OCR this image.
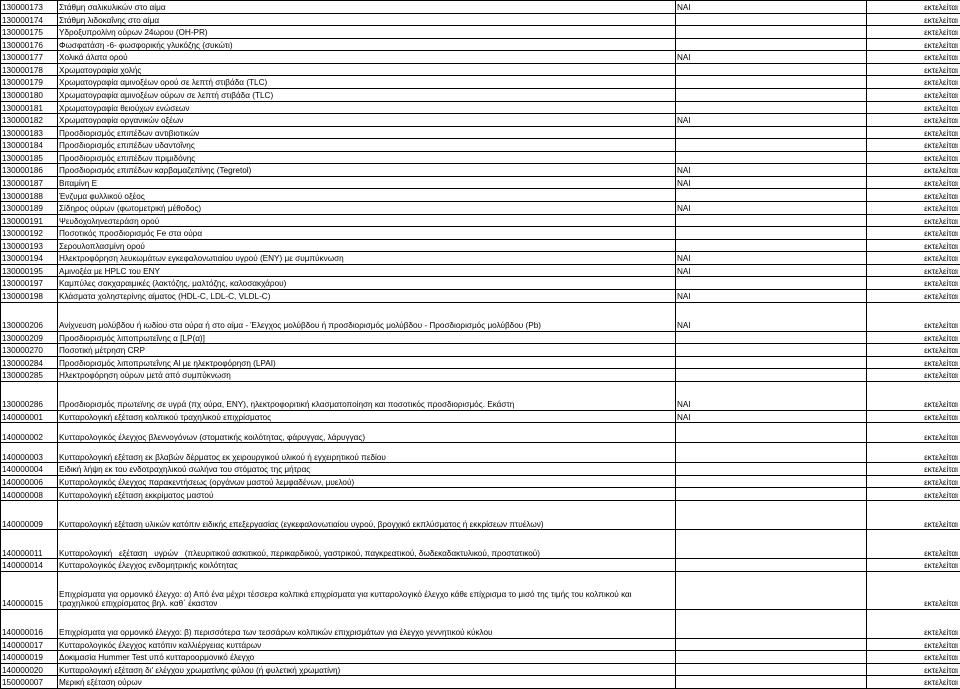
130000173	Στάθμη σαλικυλικών στο αίμα	ΝΑΙ	εκτελείται
130000174	Στάθμη λιδοκαΐνης στο αίμα		εκτελείται
130000175	Υδροξυπρολίνη ούρων 24ωρου (OH-PR)		εκτελείται
130000176	Φωσφατάση -6- φωσφορικής γλυκόζης (συκώτι)		εκτελείται
130000177	Χολικά άλατα ορού	ΝΑΙ	εκτελείται
130000178	Χρωματογραφία χολής		εκτελείται
130000179	Χρωματογραφία αμινοξέων ορού σε λεπτή στιβάδα (TLC)		εκτελείται
130000180	Χρωματογραφία αμινοξέων ούρων σε λεπτή στιβάδα (TLC)		εκτελείται
130000181	Χρωματογραφία θειούχων ενώσεων		εκτελείται
130000182	Χρωματογραφία οργανικών οξέων	ΝΑΙ	εκτελείται
130000183	Προσδιορισμός επιπέδων αντιβιοτικών		εκτελείται
130000184	Προσδιορισμός επιπέδων υδαντοΐνης		εκτελείται
130000185	Προσδιορισμός επιπέδων πριμιδόνης		εκτελείται
130000186	Προσδιορισμός επιπέδων καρβαμαζεπίνης (Tegretol)	ΝΑΙ	εκτελείται
130000187	Βιταμίνη Ε	ΝΑΙ	εκτελείται
130000188	Ένζυμα φυλλικού οξέος		εκτελείται
130000189	Σίδηρος ούρων (φωτομετρική μέθοδος)	ΝΑΙ	εκτελείται
130000191	Ψευδοχοληνεστεράση ορού		εκτελείται
130000192	Ποσοτικός προσδιορισμός Fe στα ούρα		εκτελείται
130000193	Σερουλοπλασμίνη ορού		εκτελείται
130000194	Ηλεκτροφόρηση λευκωμάτων εγκεφαλονωτιαίου υγρού (ΕΝΥ) με συμπύκνωση	ΝΑΙ	εκτελείται
130000195	Αμινοξέα με HPLC του ΕΝΥ	ΝΑΙ	εκτελείται
130000197	Καμπύλες σακχαραιμικές (λακτόζης, μαλτόζης, καλοσακχάρου)		εκτελείται
130000198	Κλάσματα χοληστερίνης αίματος (HDL-C, LDL-C, VLDL-C)	ΝΑΙ	εκτελείται
130000206	Ανίχνευση μολύβδου ή ιωδίου στα ούρα ή στο αίμα - Έλεγχος μολύβδου ή προσδιορισμός μολύβδου - Προσδιορισμός μολύβδου (Pb)	ΝΑΙ	εκτελείται
130000209	Προσδιορισμός λιποπρωτεΐνης α [LP(α)]		εκτελείται
130000270	Ποσοτική μέτρηση CRP		εκτελείται
130000284	Προσδιορισμός λιποπρωτεΐνης Al με ηλεκτροφόρηση (LPAI)		εκτελείται
130000285	Ηλεκτροφόρηση ούρων μετά από συμπύκνωση		εκτελείται
130000286	Προσδιορισμός πρωτεϊνης σε υγρά (πχ ούρα, ΕΝΥ), ηλεκτροφοριτική κλασματοποίηση και ποσοτικός προσδιορισμός. Εκάστη	ΝΑΙ	εκτελείται
140000001	Κυτταρολογική εξέταση κολπικού τραχηλικού επιχρίσματος	ΝΑΙ	εκτελείται
140000002	Κυτταρολογικός έλεγχος βλεννογόνων (στοματικής κοιλότητας, φάρυγγας, λάρυγγας)		εκτελείται
140000003	Κυτταρολογική εξέταση εκ βλαβών δέρματος εκ χειρουργικού υλικού ή εγχειρητικού πεδίου		εκτελείται
140000004	Ειδική λήψη εκ του ενδοτραχηλικού σωλήνα του στόματος της μήτρας		εκτελείται
140000006	Κυτταρολογικός έλεγχος παρακεντήσεως (οργάνων μαστού λεμφαδένων, μυελού)		εκτελείται
140000008	Κυτταρολογική εξέταση εκκρίματος μαστού		εκτελείται
140000009	Κυτταρολογική εξέταση υλικών κατόπιν ειδικής επεξεργασίας (εγκεφαλονωτιαίου υγρού, βρογχικό εκπλύσματος ή εκκρίσεων πτυέλων)		εκτελείται
140000011	Κυτταρολογική   εξέταση   υγρών   (πλευριτικού ασκιτικού, περικαρδικού, γαστρικού, παγκρεατικού, δωδεκαδακτυλικού, προστατικού)		εκτελείται
140000014	Κυτταρολογικός έλεγχος ενδομητρικής κοιλότητας		εκτελείται
140000015	Επιχρίσματα για ορμονικό έλεγχο: α) Από ένα μέχρι τέσσερα κολπικά επιχρίσματα για κυτταρολογικό έλεγχο κάθε επίχρισμα το μισό της τιμής του κολπικού και τραχηλικού επιχρίσματος βηλ. καθ΄ έκαστον		εκτελείται
140000016	Επιχρίσματα για ορμονικό έλεγχο: β) περισσότερα των τεσσάρων κολπικών επιχρισμάτων για έλεγχο γεννητικού κύκλου		εκτελείται
140000017	Κυτταρολογικός έλεγχος κατόπιν καλλιέργειας κυττάρων		εκτελείται
140000019	Δοκιμασία Hummer Test υπό κυτταροορμονικό έλεγχο		εκτελείται
140000020	Κυτταρολογική εξέταση δι' ελέγχου χρωματίνης φύλου (ή φυλετική χρωματίνη)		εκτελείται
150000007	Μερική εξέταση ούρων		εκτελείται
